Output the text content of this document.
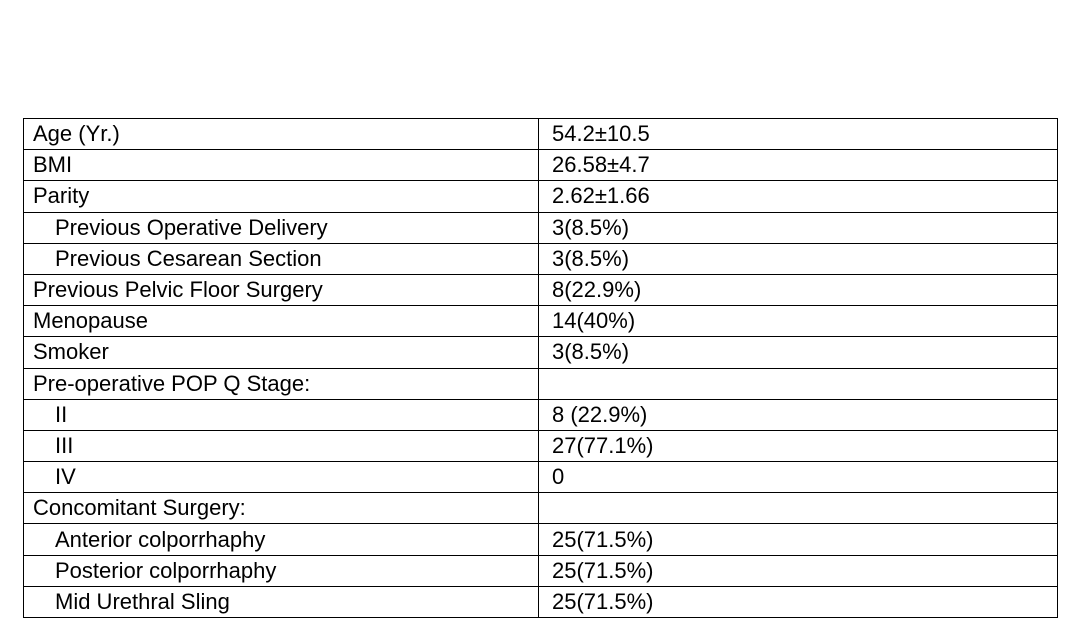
Age (Yr.)	54.2±10.5
BMI	26.58±4.7
Parity	2.62±1.66
Previous Operative Delivery	3(8.5%)
Previous Cesarean Section	3(8.5%)
Previous Pelvic Floor Surgery	8(22.9%)
Menopause	14(40%)
Smoker	3(8.5%)
Pre-operative POP Q Stage:	
II	8 (22.9%)
III	27(77.1%)
IV	0
Concomitant Surgery:	
Anterior colporrhaphy	25(71.5%)
Posterior colporrhaphy	25(71.5%)
Mid Urethral Sling	25(71.5%)
